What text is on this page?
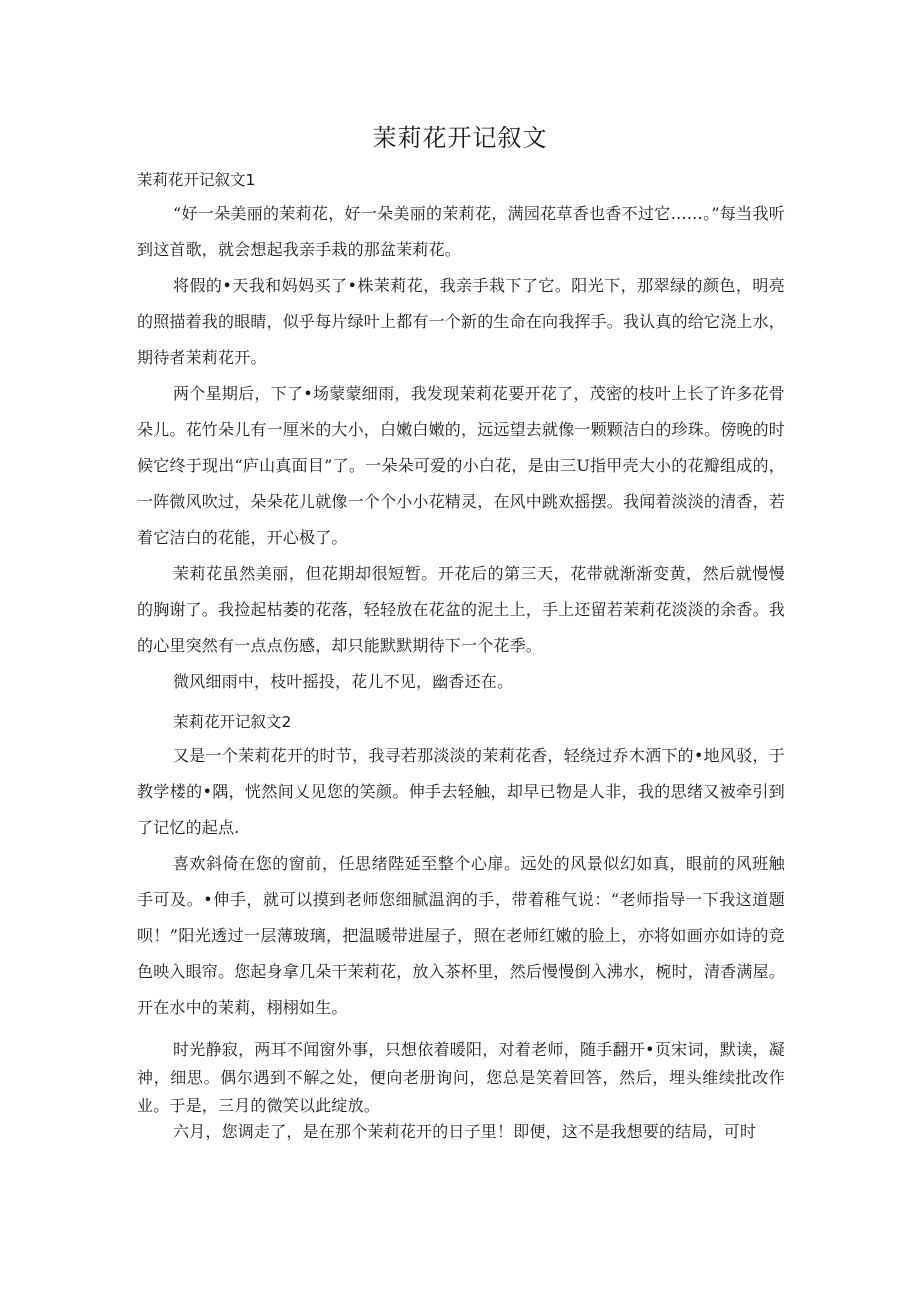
茉莉花开记叙文
茉莉花开记叙文1

“好一朵美丽的茉莉花，好一朵美丽的茉莉花，满园花草香也香不过它……。”每当我听到这首歌，就会想起我亲手栽的那盆茉莉花。

将假的•天我和妈妈买了•株茉莉花，我亲手栽下了它。阳光下，那翠绿的颜色，明亮的照描着我的眼睛，似乎每片绿叶上都有一个新的生命在向我挥手。我认真的给它浇上水，期待者茉莉花开。

两个星期后，下了•场蒙蒙细雨，我发现茉莉花要开花了，茂密的枝叶上长了许多花骨朵儿。花竹朵儿有一厘米的大小，白嫩白嫩的，远远望去就像一颗颗洁白的珍珠。傍晚的时候它终于现出“庐山真面目”了。一朵朵可爱的小白花，是由三U指甲壳大小的花瓣组成的，一阵微风吹过，朵朵花儿就像一个个小小花精灵，在风中跳欢摇摆。我闻着淡淡的清香，若着它洁白的花能，开心极了。

茉莉花虽然美丽，但花期却很短暂。开花后的第三天，花带就渐渐变黄，然后就慢慢的胸谢了。我捡起枯萎的花落，轻轻放在花盆的泥土上，手上还留若茉莉花淡淡的余香。我的心里突然有一点点伤感，却只能默默期待下一个花季。

微风细雨中，枝叶摇投，花儿不见，幽香还在。

茉莉花开记叙文2

又是一个茉莉花开的时节，我寻若那淡淡的茉莉花香，轻绕过乔木洒下的•地风驳，于教学楼的•隅，恍然间乂见您的笑颜。伸手去轻触，却早已物是人非，我的思绪又被牵引到了记忆的起点.

喜欢斜倚在您的窗前，任思绪陛延至整个心扉。远处的风景似幻如真，眼前的风班触手可及。•伸手，就可以摸到老师您细腻温润的手，带着稚气说：“老师指导一下我这道题呗！”阳光透过一层薄玻璃，把温暖带进屋子，照在老师红嫩的脸上，亦将如画亦如诗的竞色映入眼帘。您起身拿几朵干茉莉花，放入茶杯里，然后慢慢倒入沸水，椀时，清香满屋。开在水中的茉莉，栩栩如生。

时光静寂，两耳不闻窗外事，只想依着暖阳，对着老师，随手翻开•页宋词，默读，凝神，细思。偶尔遇到不解之处，便向老册询问，您总是笑着回答，然后，埋头维续批改作业。于是，三月的微笑以此绽放。

六月，您调走了，是在那个茉莉花开的日子里！即便，这不是我想要的结局，可时
